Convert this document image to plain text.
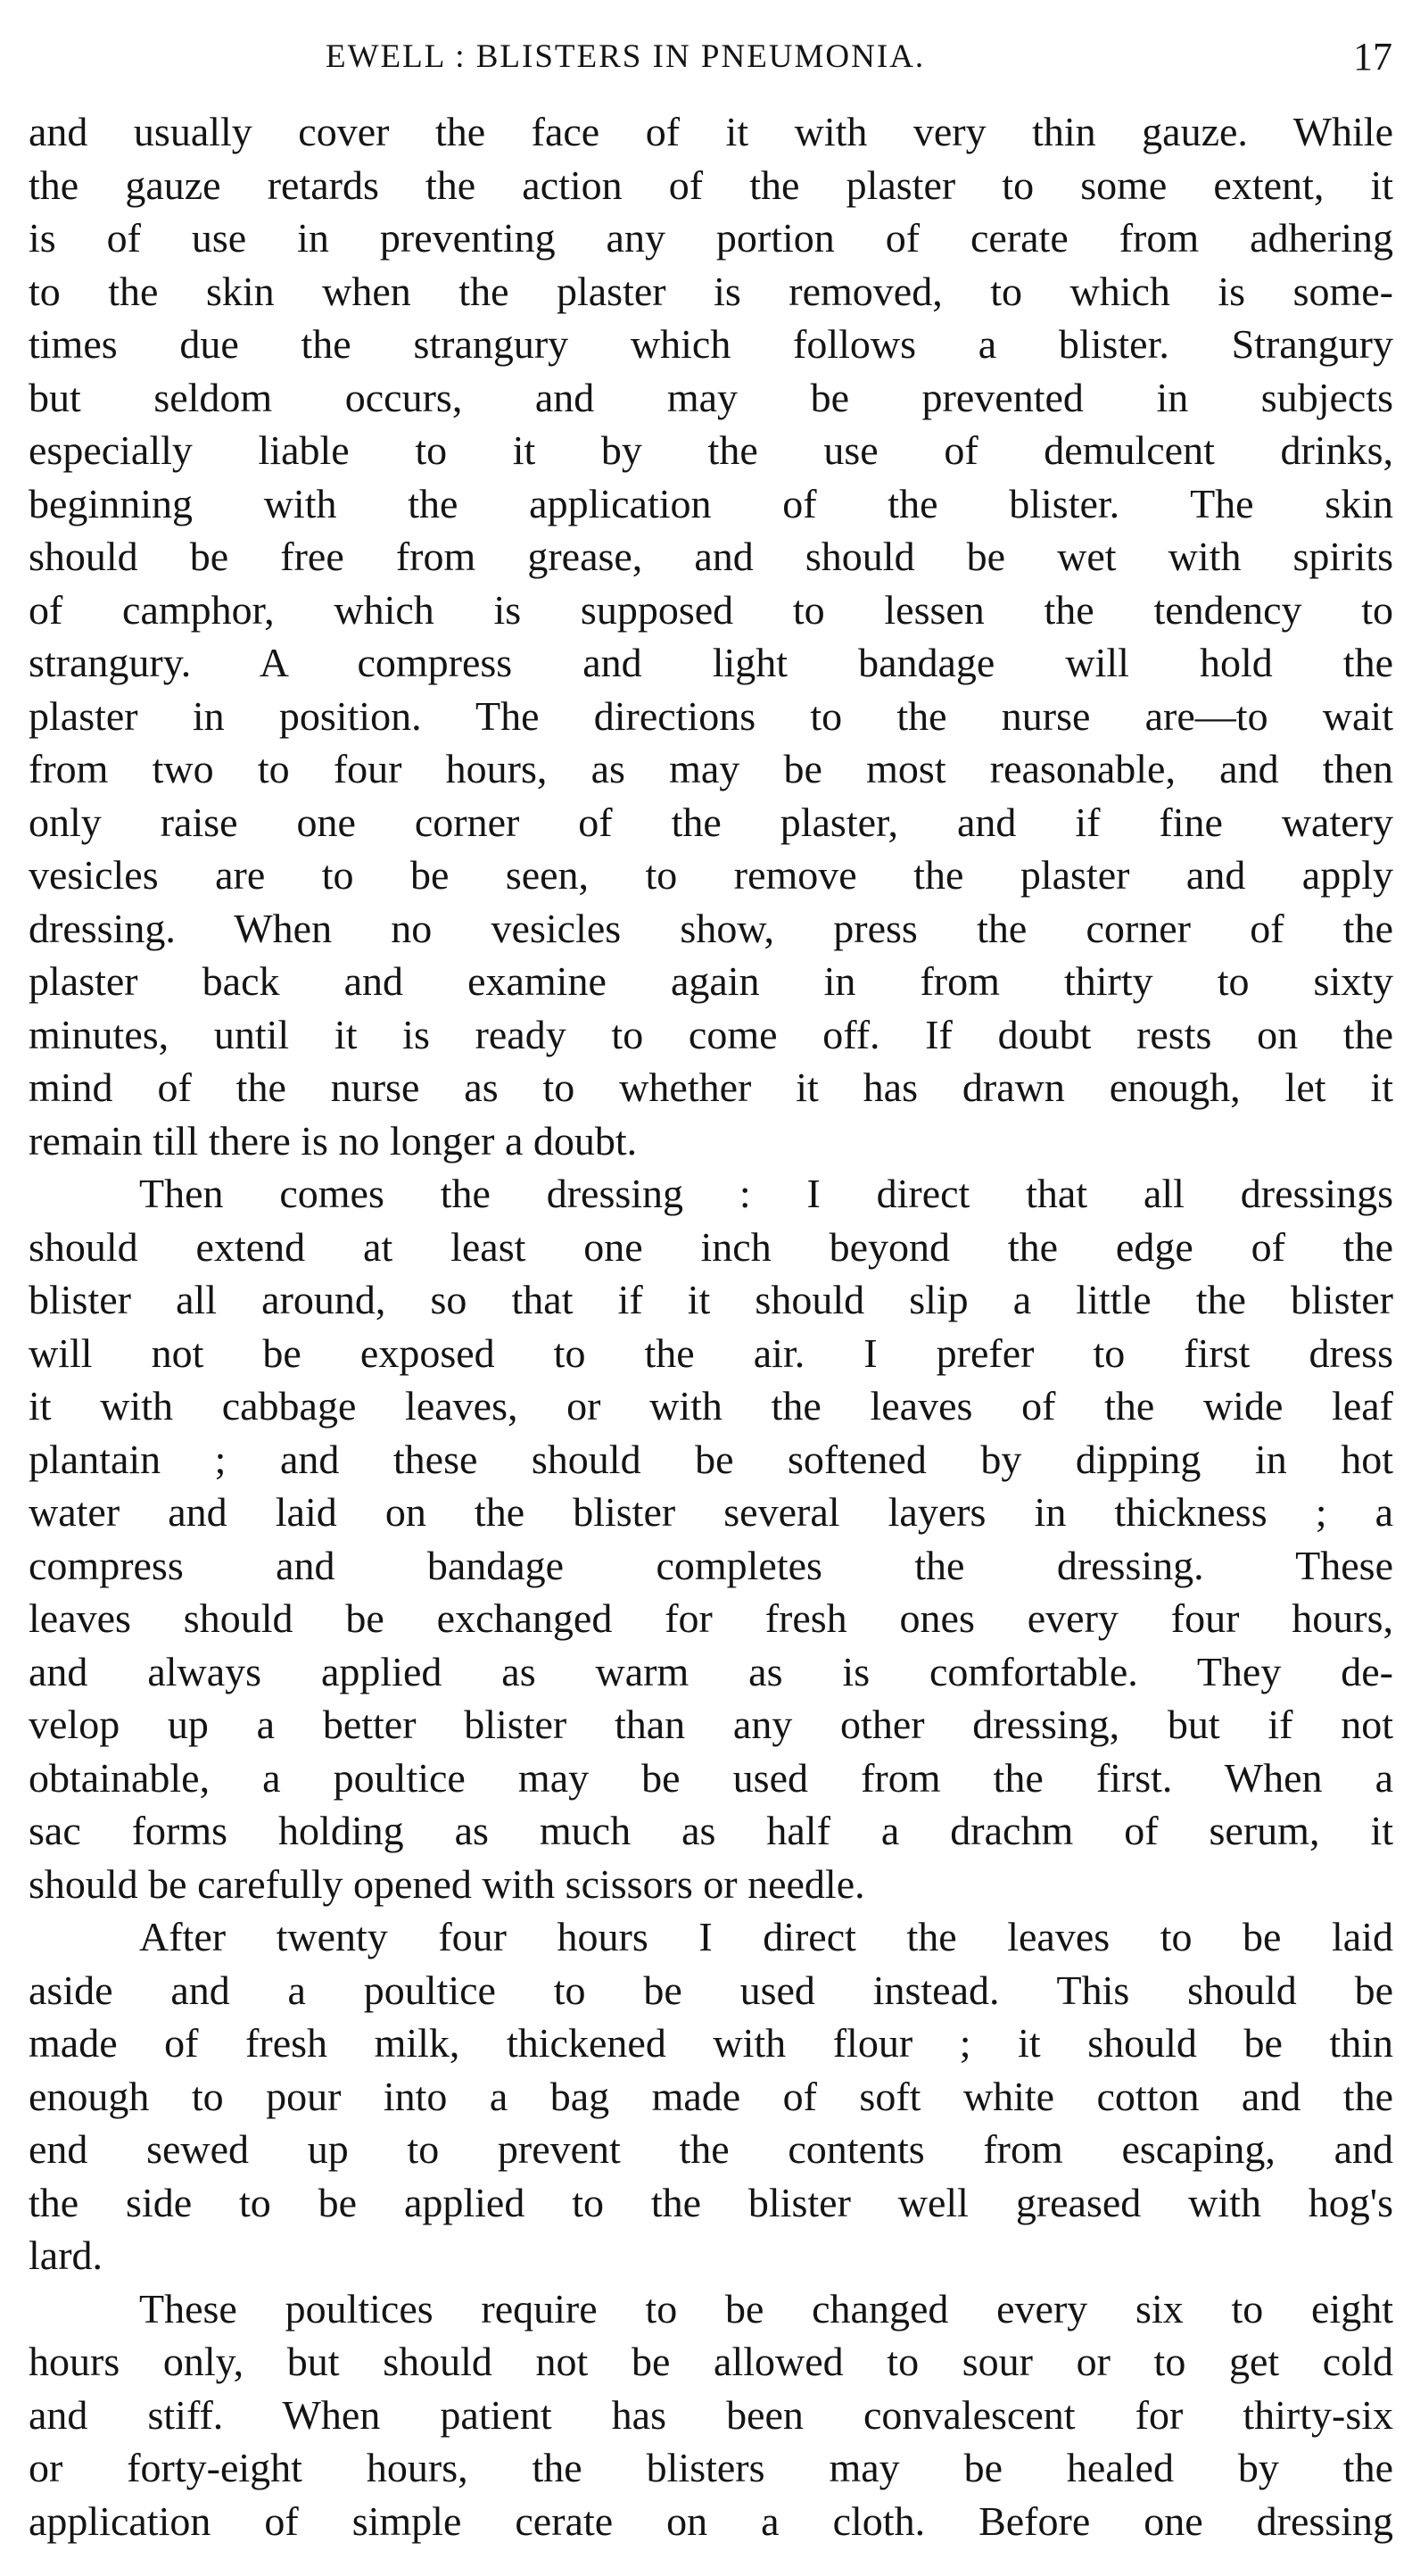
EWELL : BLISTERS IN PNEUMONIA.	17
and usually cover the face of it with very thin gauze. While
the gauze retards the action of the plaster to some extent, it
is of use in preventing any portion of cerate from adhering
to the skin when the plaster is removed, to which is some-
times due the strangury which follows a blister. Strangury
but seldom occurs, and may be prevented in subjects
especially liable to it by the use of demulcent drinks,
beginning with the application of the blister. The skin
should be free from grease, and should be wet with spirits
of camphor, which is supposed to lessen the tendency to
strangury. A compress and light bandage will hold the
plaster in position. The directions to the nurse are—to wait
from two to four hours, as may be most reasonable, and then
only raise one corner of the plaster, and if fine watery
vesicles are to be seen, to remove the plaster and apply
dressing. When no vesicles show, press the corner of the
plaster back and examine again in from thirty to sixty
minutes, until it is ready to come off. If doubt rests on the
mind of the nurse as to whether it has drawn enough, let it
remain till there is no longer a doubt.
Then comes the dressing : I direct that all dressings
should extend at least one inch beyond the edge of the
blister all around, so that if it should slip a little the blister
will not be exposed to the air. I prefer to first dress
it with cabbage leaves, or with the leaves of the wide leaf
plantain ; and these should be softened by dipping in hot
water and laid on the blister several layers in thickness ; a
compress and bandage completes the dressing. These
leaves should be exchanged for fresh ones every four hours,
and always applied as warm as is comfortable. They de-
velop up a better blister than any other dressing, but if not
obtainable, a poultice may be used from the first. When a
sac forms holding as much as half a drachm of serum, it
should be carefully opened with scissors or needle.
After twenty four hours I direct the leaves to be laid
aside and a poultice to be used instead. This should be
made of fresh milk, thickened with flour ; it should be thin
enough to pour into a bag made of soft white cotton and the
end sewed up to prevent the contents from escaping, and
the side to be applied to the blister well greased with hog's
lard.
These poultices require to be changed every six to eight
hours only, but should not be allowed to sour or to get cold
and stiff. When patient has been convalescent for thirty-six
or forty-eight hours, the blisters may be healed by the
application of simple cerate on a cloth. Before one dressing
